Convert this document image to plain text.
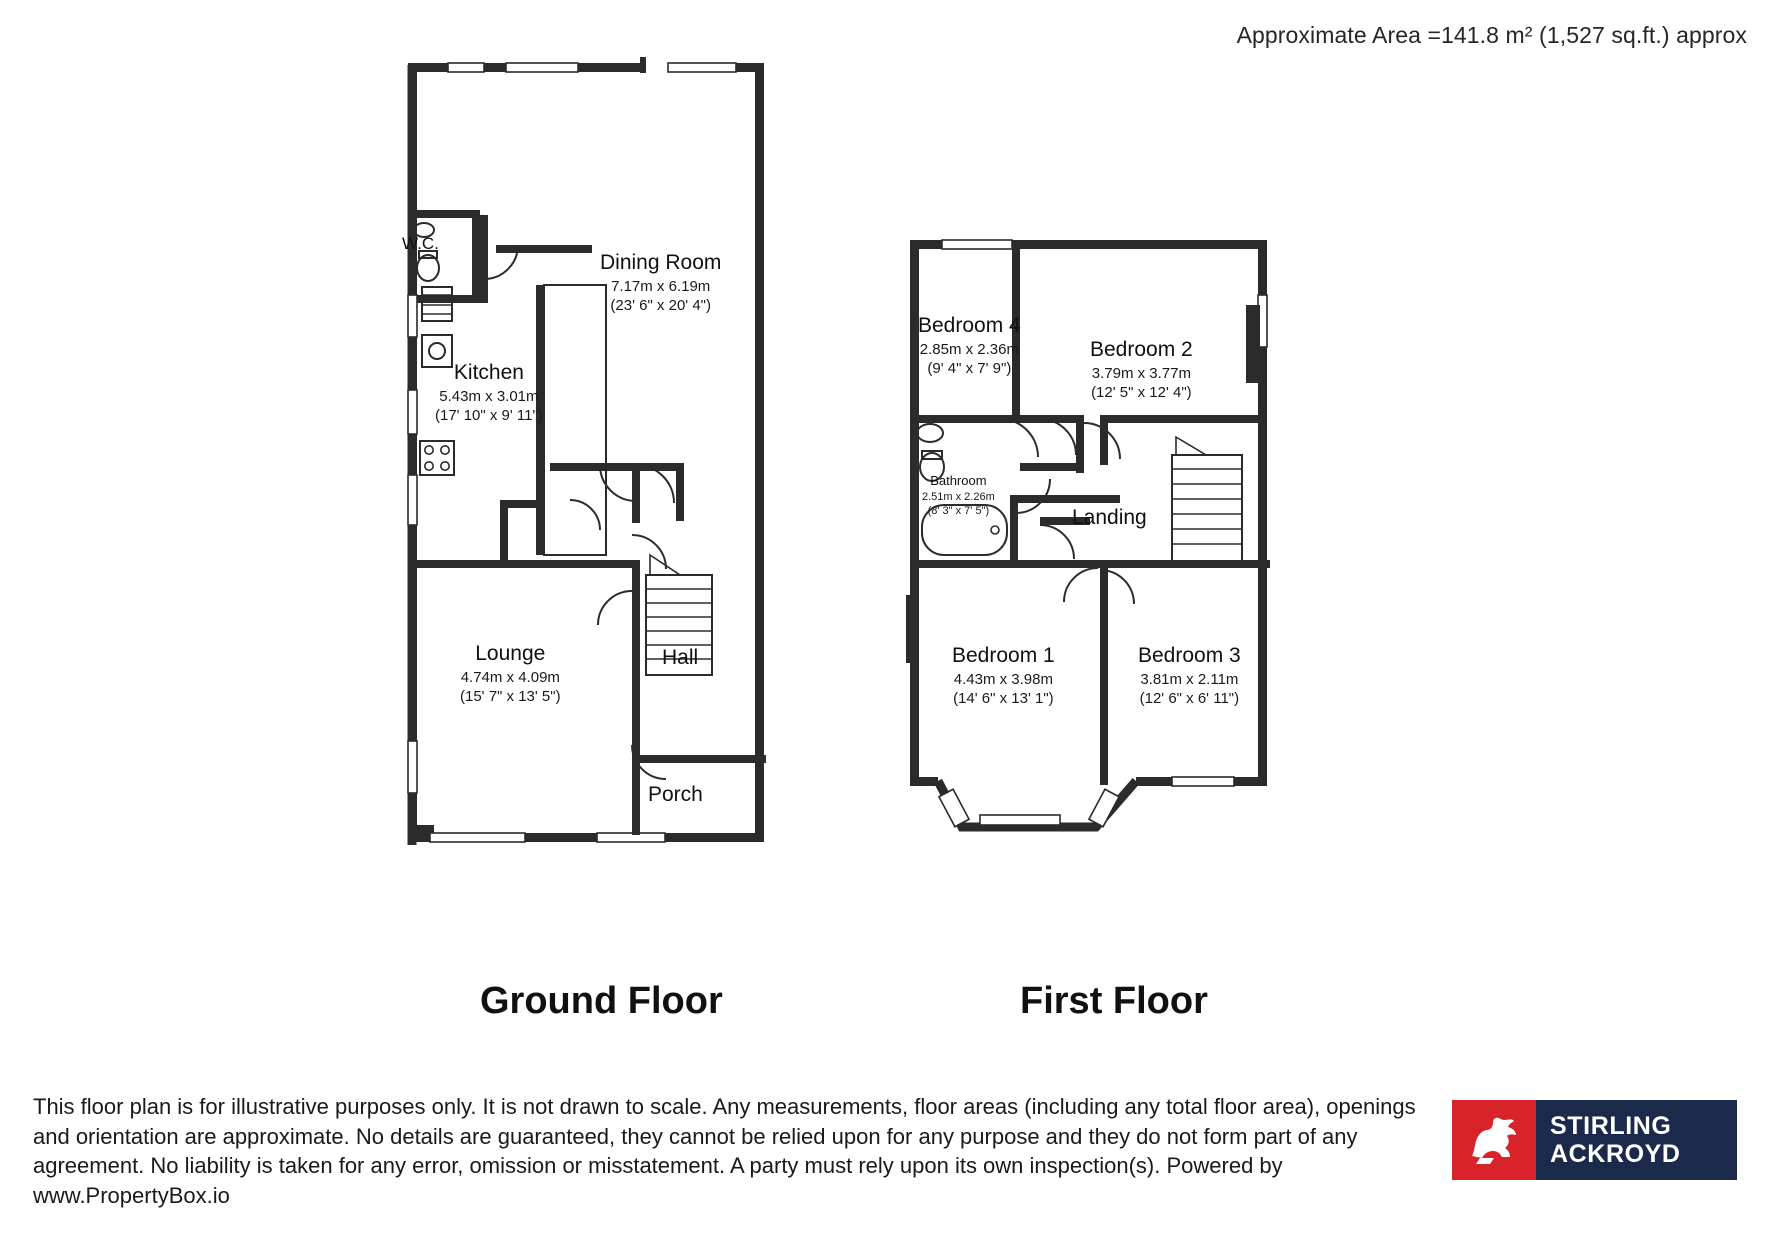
Approximate Area =141.8 m² (1,527 sq.ft.) approx
Dining Room
7.17m x 6.19m
(23' 6" x 20' 4")
Kitchen
5.43m x 3.01m
(17' 10" x 9' 11")
W.C.
Lounge
4.74m x 4.09m
(15' 7" x 13' 5")
Hall
Porch
Ground Floor
Bedroom 4
2.85m x 2.36m
(9' 4" x 7' 9")
Bedroom 2
3.79m x 3.77m
(12' 5" x 12' 4")
Bathroom
2.51m x 2.26m
(8' 3" x 7' 5")	Landing
Bedroom 1
4.43m x 3.98m
(14' 6" x 13' 1")
Bedroom 3
3.81m x 2.11m
(12' 6" x 6' 11")
First Floor
This floor plan is for illustrative purposes only. It is not drawn to scale. Any measurements, floor areas (including any total floor area), openings and orientation are approximate. No details are guaranteed, they cannot be relied upon for any purpose and they do not form part of any agreement. No liability is taken for any error, omission or misstatement. A party must rely upon its own inspection(s). Powered by www.PropertyBox.io
STIRLING
ACKROYD
